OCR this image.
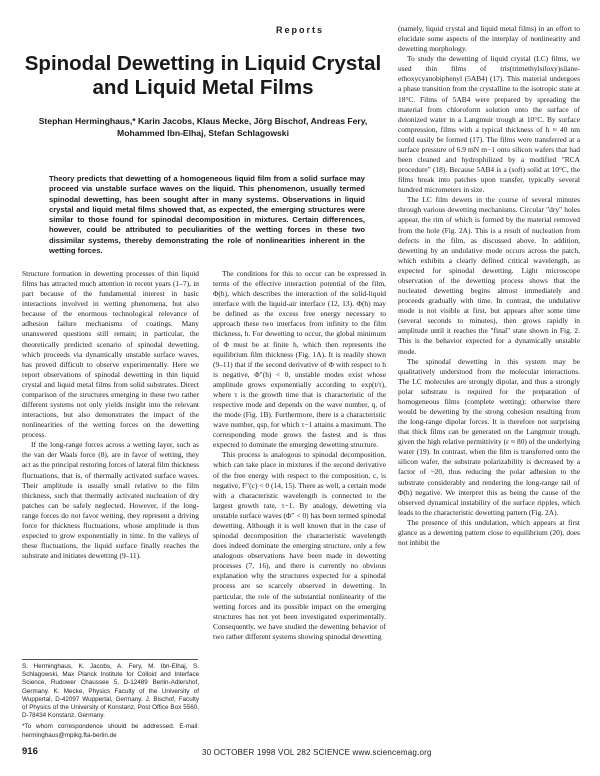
Reports
Spinodal Dewetting in Liquid Crystal and Liquid Metal Films
Stephan Herminghaus,* Karin Jacobs, Klaus Mecke, Jörg Bischof, Andreas Fery, Mohammed Ibn-Elhaj, Stefan Schlagowski
Theory predicts that dewetting of a homogeneous liquid film from a solid surface may proceed via unstable surface waves on the liquid. This phenomenon, usually termed spinodal dewetting, has been sought after in many systems. Observations in liquid crystal and liquid metal films showed that, as expected, the emerging structures were similar to those found for spinodal decomposition in mixtures. Certain differences, however, could be attributed to peculiarities of the wetting forces in these two dissimilar systems, thereby demonstrating the role of nonlinearities inherent in the wetting forces.

Structure formation in dewetting processes of thin liquid films has attracted much attention in recent years (1–7), in part because of the fundamental interest in basic interactions involved in wetting phenomena, but also because of the enormous technological relevance of adhesion failure mechanisms of coatings. Many unanswered questions still remain; in particular, the theoretically predicted scenario of spinodal dewetting, which proceeds via dynamically unstable surface waves, has proved difficult to observe experimentally. Here we report observations of spinodal dewetting in thin liquid crystal and liquid metal films from solid substrates. Direct comparison of the structures emerging in these two rather different systems not only yields insight into the relevant interactions, but also demonstrates the impact of the nonlinearities of the wetting forces on the dewetting process.

If the long-range forces across a wetting layer, such as the van der Waals force (8), are in favor of wetting, they act as the principal restoring forces of lateral film thickness fluctuations, that is, of thermally activated surface waves. Their amplitude is usually small relative to the film thickness, such that thermally activated nucleation of dry patches can be safely neglected. However, if the long-range forces do not favor wetting, they represent a driving force for thickness fluctuations, whose amplitude is thus expected to grow exponentially in time. In the valleys of these fluctuations, the liquid surface finally reaches the substrate and initiates dewetting (9–11).

The conditions for this to occur can be expressed in terms of the effective interaction potential of the film, Φ(h), which describes the interaction of the solid-liquid interface with the liquid-air interface (12, 13). Φ(h) may be defined as the excess free energy necessary to approach these two interfaces from infinity to the film thickness, h. For dewetting to occur, the global minimum of Φ must be at finite h, which then represents the equilibrium film thickness (Fig. 1A). It is readily shown (9–11) that if the second derivative of Φ with respect to h is negative, Φ″(h) < 0, unstable modes exist whose amplitude grows exponentially according to exp(t/τ), where τ is the growth time that is characteristic of the respective mode and depends on the wave number, q, of the mode (Fig. 1B). Furthermore, there is a characteristic wave number, qsp, for which τ−1 attains a maximum. The corresponding mode grows the fastest and is thus expected to dominate the emerging dewetting structure.

This process is analogous to spinodal decomposition, which can take place in mixtures if the second derivative of the free energy with respect to the composition, c, is negative, F″(c) < 0 (14, 15). There as well, a certain mode with a characteristic wavelength is connected to the largest growth rate, τ−1. By analogy, dewetting via unstable surface waves (Φ″ < 0) has been termed spinodal dewetting. Although it is well known that in the case of spinodal decomposition the characteristic wavelength does indeed dominate the emerging structure, only a few analogous observations have been made in dewetting processes (7, 16), and there is currently no obvious explanation why the structures expected for a spinodal process are so scarcely observed in dewetting. In particular, the role of the substantial nonlinearity of the wetting forces and its possible impact on the emerging structures has not yet been investigated experimentally. Consequently, we have studied the dewetting behavior of two rather different systems showing spinodal dewetting

(namely, liquid crystal and liquid metal films) in an effort to elucidate some aspects of the interplay of nonlinearity and dewetting morphology.

To study the dewetting of liquid crystal (LC) films, we used thin films of tris(trimethylsiloxy)silane-ethoxycyanobiphenyl (5AB4) (17). This material undergoes a phase transition from the crystalline to the isotropic state at 18°C. Films of 5AB4 were prepared by spreading the material from chloroform solution onto the surface of deionized water in a Langmuir trough at 10°C. By surface compression, films with a typical thickness of h ≈ 40 nm could easily be formed (17). The films were transferred at a surface pressure of 6.9 mN m−1 onto silicon wafers that had been cleaned and hydrophilized by a modified "RCA procedure" (18). Because 5AB4 is a (soft) solid at 10°C, the films break into patches upon transfer, typically several hundred micrometers in size.

The LC film dewets in the course of several minutes through various dewetting mechanisms. Circular "dry" holes appear, the rim of which is formed by the material removed from the hole (Fig. 2A). This is a result of nucleation from defects in the film, as discussed above. In addition, dewetting by an undulative mode occurs across the patch, which exhibits a clearly defined critical wavelength, as expected for spinodal dewetting. Light microscope observation of the dewetting process shows that the nucleated dewetting begins almost immediately and proceeds gradually with time. In contrast, the undulative mode is not visible at first, but appears after some time (several seconds to minutes), then grows rapidly in amplitude until it reaches the "final" state shown in Fig. 2. This is the behavior expected for a dynamically unstable mode.

The spinodal dewetting in this system may be qualitatively understood from the molecular interactions. The LC molecules are strongly dipolar, and thus a strongly polar substrate is required for the preparation of homogeneous films (complete wetting); otherwise there would be dewetting by the strong cohesion resulting from the long-range dipolar forces. It is therefore not surprising that thick films can be generated on the Langmuir trough, given the high relative permittivity (ε ≈ 80) of the underlying water (19). In contrast, when the film is transferred onto the silicon wafer, the substrate polarizability is decreased by a factor of ~20, thus reducing the polar adhesion to the substrate considerably and rendering the long-range tail of Φ(h) negative. We interpret this as being the cause of the observed dynamical instability of the surface ripples, which leads to the characteristic dewetting pattern (Fig. 2A).

The presence of this undulation, which appears at first glance as a dewetting pattern close to equilibrium (20), does not inhibit the

S. Herminghaus, K. Jacobs, A. Fery, M. Ibn-Elhaj, S. Schlagowski, Max Planck Institute for Colloid and Interface Science, Rudower Chaussee 5, D-12489 Berlin-Adlershof, Germany. K. Mecke, Physics Faculty of the University of Wuppertal, D-42097 Wuppertal, Germany. J. Bischof, Faculty of Physics of the University of Konstanz, Post Office Box 5560, D-78434 Konstanz, Germany.

*To whom correspondence should be addressed. E-mail: herminghaus@mpikg.fta-berlin.de

916	30 OCTOBER 1998 VOL 282 SCIENCE www.sciencemag.org
